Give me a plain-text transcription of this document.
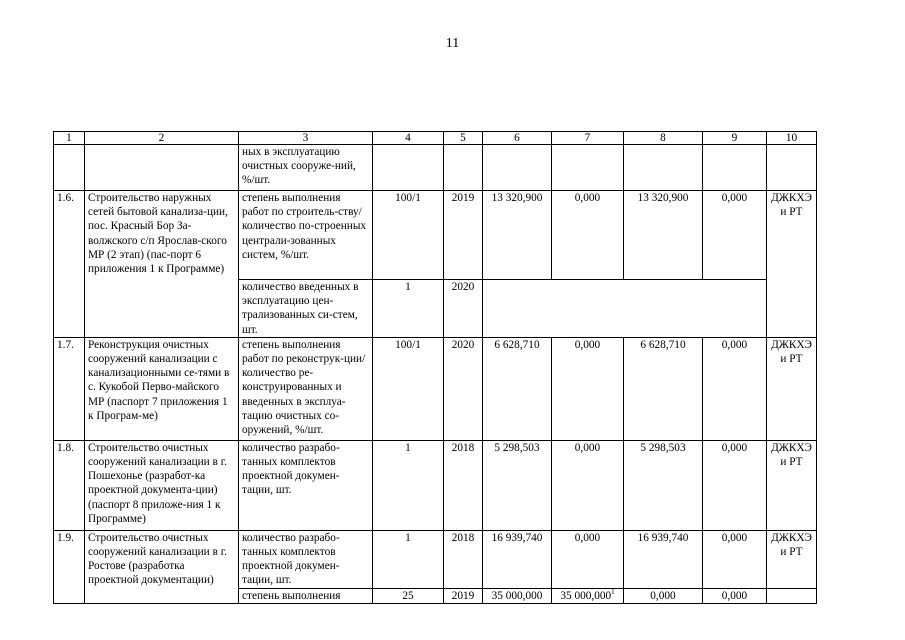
11
1	2	3	4	5	6	7	8	9	10
		ных в эксплуатацию очистных сооруже-ний, %/шт.							
1.6.	Строительство наружных сетей бытовой канализа-ции, пос. Красный Бор За-волжского с/п Ярослав-ского МР (2 этап) (пас-порт 6 приложения 1 к Программе)	степень выполнения работ по строитель-ству/ количество по-строенных централи-зованных систем, %/шт.	100/1	2019	13 320,900	0,000	13 320,900	0,000	ДЖКХЭ и РТ
		количество введенных в эксплуатацию цен-трализованных си-стем, шт.	1	2020					
1.7.	Реконструкция очистных сооружений канализации с канализационными се-тями в с. Кукобой Перво-майского МР (паспорт 7 приложения 1 к Програм-ме)	степень выполнения работ по реконструк-ции/ количество ре-конструированных и введенных в эксплуа-тацию очистных со-оружений, %/шт.	100/1	2020	6 628,710	0,000	6 628,710	0,000	ДЖКХЭ и РТ
1.8.	Строительство очистных сооружений канализации в г. Пошехонье (разработ-ка проектной документа-ции) (паспорт 8 приложе-ния 1 к Программе)	количество разрабо-танных комплектов проектной докумен-тации, шт.	1	2018	5 298,503	0,000	5 298,503	0,000	ДЖКХЭ и РТ
1.9.	Строительство очистных сооружений канализации в г. Ростове (разработка проектной документации)	количество разрабо-танных комплектов проектной докумен-тации, шт.	1	2018	16 939,740	0,000	16 939,740	0,000	ДЖКХЭ и РТ
		степень выполнения	25	2019	35 000,000	35 000,000$^1$	0,000	0,000	
